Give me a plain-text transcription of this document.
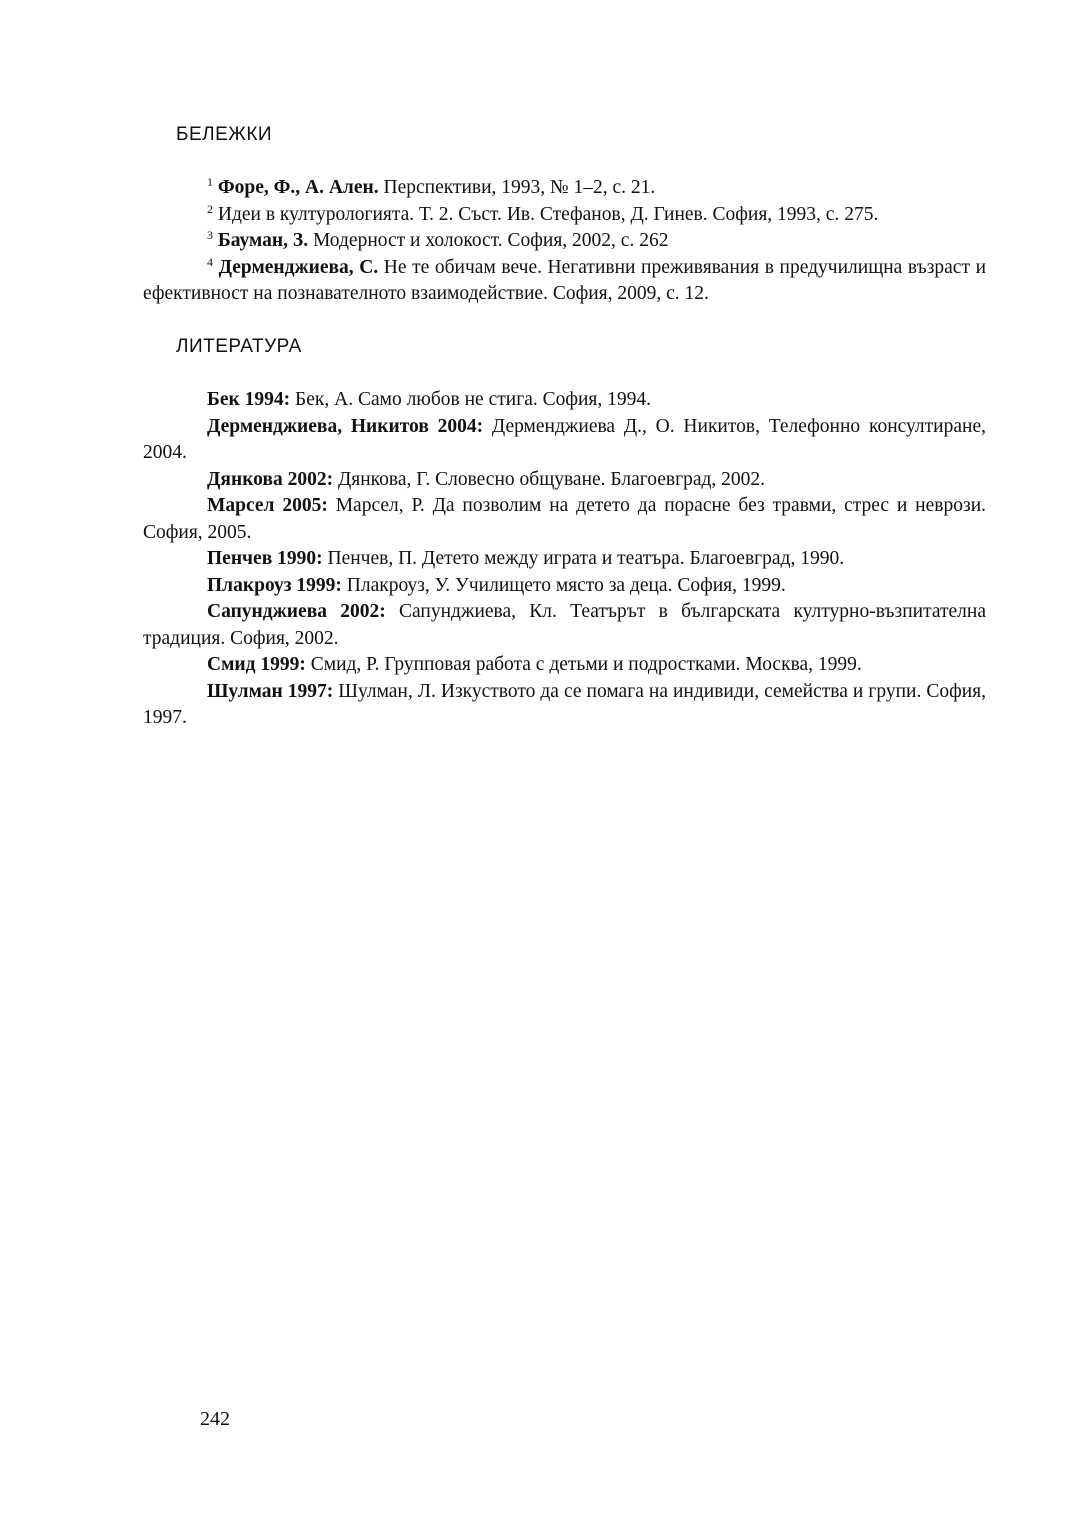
БЕЛЕЖКИ

$^1$ Форе, Ф., А. Ален. Перспективи, 1993, № 1–2, с. 21.

$^2$ Идеи в културологията. Т. 2. Съст. Ив. Стефанов, Д. Гинев. София, 1993, с. 275.

$^3$ Бауман, З. Модерност и холокост. София, 2002, с. 262

$^4$ Дерменджиева, С. Не те обичам вече. Негативни преживявания в предучилищна възраст и ефективност на познавателното взаимодействие. София, 2009, с. 12.

ЛИТЕРАТУРА

Бек 1994: Бек, А. Само любов не стига. София, 1994.

Дерменджиева, Никитов 2004: Дерменджиева Д., О. Никитов, Телефонно консултиране, 2004.

Дянкова 2002: Дянкова, Г. Словесно общуване. Благоевград, 2002.

Марсел 2005: Марсел, Р. Да позволим на детето да порасне без травми, стрес и неврози. София, 2005.

Пенчев 1990: Пенчев, П. Детето между играта и театъра. Благоевград, 1990.

Плакроуз 1999: Плакроуз, У. Училището място за деца. София, 1999.

Сапунджиева 2002: Сапунджиева, Кл. Театърът в българската културно-възпитателна традиция. София, 2002.

Смид 1999: Смид, Р. Групповая работа с детьми и подростками. Москва, 1999.

Шулман 1997: Шулман, Л. Изкуството да се помага на индивиди, семейства и групи. София, 1997.

242
